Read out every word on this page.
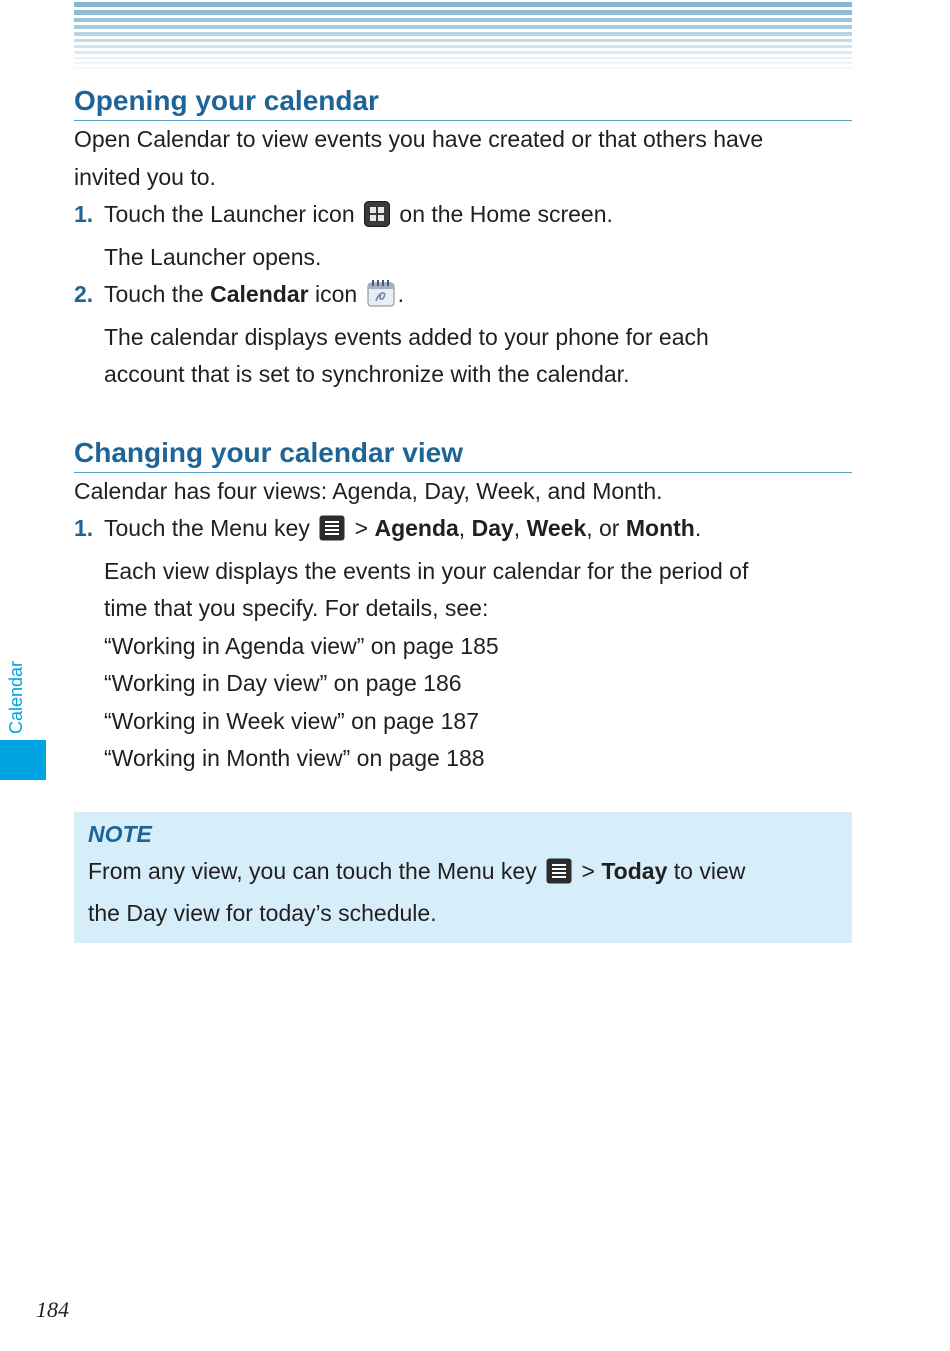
Opening your calendar

Open Calendar to view events you have created or that others have

invited you to.

1. Touch the Launcher icon on the Home screen.
The Launcher opens.
2. Touch the Calendar icon .
The calendar displays events added to your phone for each
account that is set to synchronize with the calendar.
Changing your calendar view

Calendar has four views: Agenda, Day, Week, and Month.

1. Touch the Menu key  > Agenda, Day, Week, or Month.
Each view displays the events in your calendar for the period of
time that you specify. For details, see:
“Working in Agenda view” on page 185
“Working in Day view” on page 186
“Working in Week view” on page 187
“Working in Month view” on page 188
NOTE
From any view, you can touch the Menu key  > Today to view
the Day view for today’s schedule.
Calendar
184
